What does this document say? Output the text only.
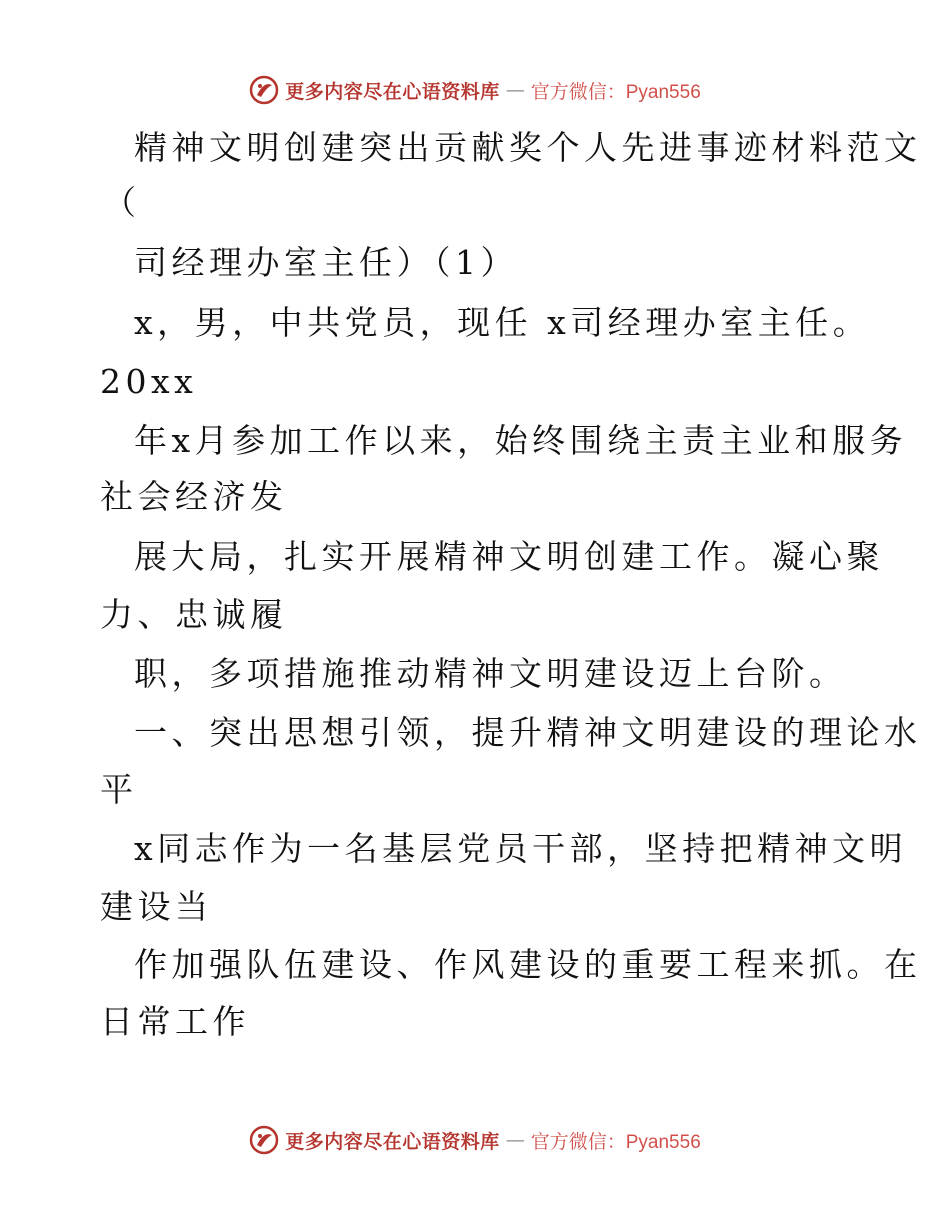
更多内容尽在心语资料库 — 官方微信：Pyan556
精神文明创建突出贡献奖个人先进事迹材料范文
（
司经理办室主任）（1）
x，男，中共党员，现任 x司经理办室主任。
20xx
年x月参加工作以来，始终围绕主责主业和服务
社会经济发
展大局，扎实开展精神文明创建工作。凝心聚
力、忠诚履
职，多项措施推动精神文明建设迈上台阶。
一、突出思想引领，提升精神文明建设的理论水
平
x同志作为一名基层党员干部，坚持把精神文明
建设当
作加强队伍建设、作风建设的重要工程来抓。在
日常工作
更多内容尽在心语资料库 — 官方微信：Pyan556
